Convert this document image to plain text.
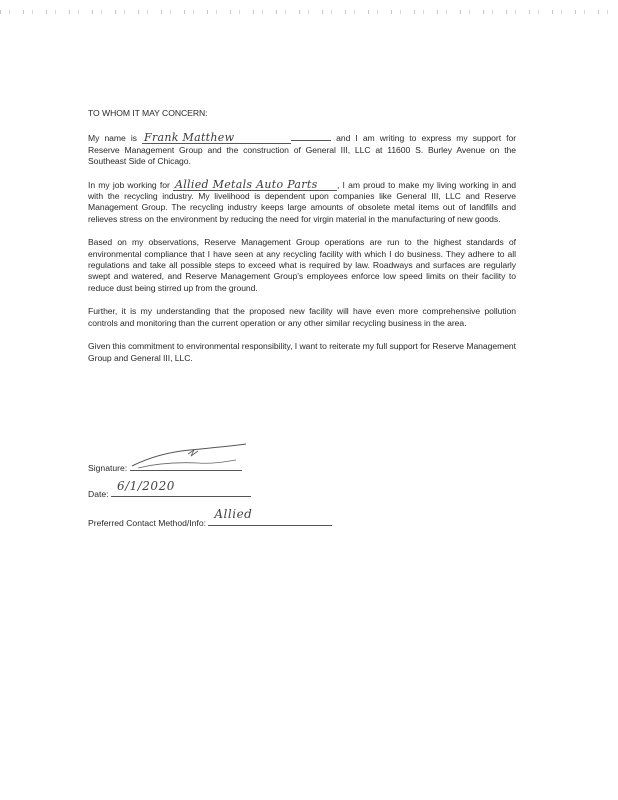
TO WHOM IT MAY CONCERN:

My name is Frank Matthew	and I am writing to express my support for Reserve Management Group and the construction of General III, LLC at 11600 S. Burley Avenue on the Southeast Side of Chicago.

In my job working for Allied Metals Auto Parts , I am proud to make my living working in and with the recycling industry. My livelihood is dependent upon companies like General III, LLC and Reserve Management Group. The recycling industry keeps large amounts of obsolete metal items out of landfills and relieves stress on the environment by reducing the need for virgin material in the manufacturing of new goods.

Based on my observations, Reserve Management Group operations are run to the highest standards of environmental compliance that I have seen at any recycling facility with which I do business. They adhere to all regulations and take all possible steps to exceed what is required by law. Roadways and surfaces are regularly swept and watered, and Reserve Management Group's employees enforce low speed limits on their facility to reduce dust being stirred up from the ground.

Further, it is my understanding that the proposed new facility will have even more comprehensive pollution controls and monitoring than the current operation or any other similar recycling business in the area.

Given this commitment to environmental responsibility, I want to reiterate my full support for Reserve Management Group and General III, LLC.

Signature:
Date:
6/1/2020
Preferred Contact Method/Info:
Allied
